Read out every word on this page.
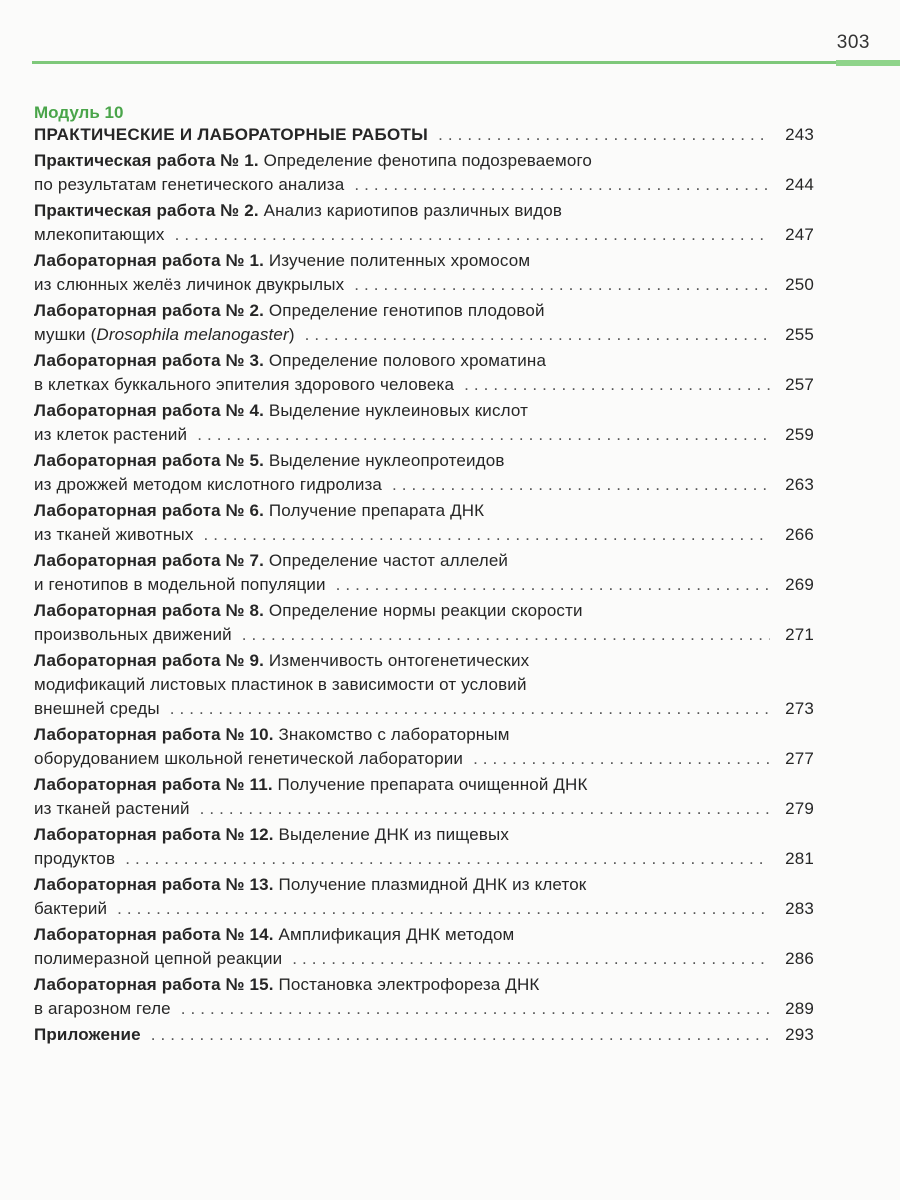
303
Модуль 10
ПРАКТИЧЕСКИЕ И ЛАБОРАТОРНЫЕ РАБОТЫ . . .	243
Практическая работа № 1. Определение фенотипа подозреваемого
по результатам генетического анализа . . .	244
Практическая работа № 2. Анализ кариотипов различных видов
млекопитающих . . .	247
Лабораторная работа № 1. Изучение политенных хромосом
из слюнных желёз личинок двукрылых . . .	250
Лабораторная работа № 2. Определение генотипов плодовой
мушки (Drosophila melanogaster) . . .	255
Лабораторная работа № 3. Определение полового хроматина
в клетках буккального эпителия здорового человека . . .	257
Лабораторная работа № 4. Выделение нуклеиновых кислот
из клеток растений . . .	259
Лабораторная работа № 5. Выделение нуклеопротеидов
из дрожжей методом кислотного гидролиза . . .	263
Лабораторная работа № 6. Получение препарата ДНК
из тканей животных . . .	266
Лабораторная работа № 7. Определение частот аллелей
и генотипов в модельной популяции . . .	269
Лабораторная работа № 8. Определение нормы реакции скорости
произвольных движений . . .	271
Лабораторная работа № 9. Изменчивость онтогенетических
модификаций листовых пластинок в зависимости от условий
внешней среды . . .	273
Лабораторная работа № 10. Знакомство с лабораторным
оборудованием школьной генетической лаборатории . . .	277
Лабораторная работа № 11. Получение препарата очищенной ДНК
из тканей растений . . .	279
Лабораторная работа № 12. Выделение ДНК из пищевых
продуктов . . .	281
Лабораторная работа № 13. Получение плазмидной ДНК из клеток
бактерий . . .	283
Лабораторная работа № 14. Амплификация ДНК методом
полимеразной цепной реакции . . .	286
Лабораторная работа № 15. Постановка электрофореза ДНК
в агарозном геле . . .	289
Приложение . . .	293
